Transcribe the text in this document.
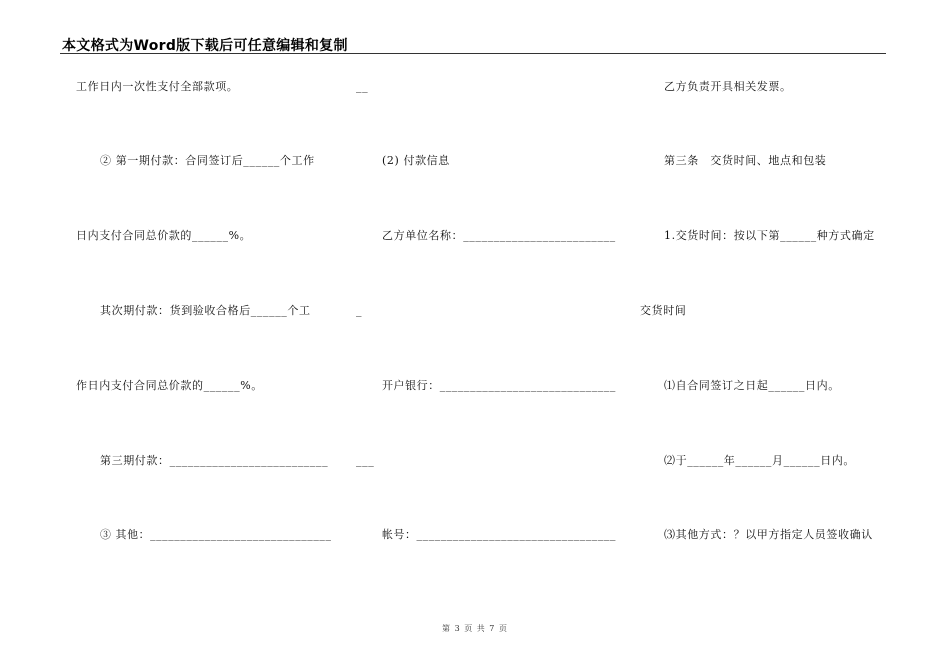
本文格式为Word版下载后可任意编辑和复制
工作日内一次性支付全部款项。
② 第一期付款：合同签订后______个工作
日内支付合同总价款的______%。
其次期付款：货到验收合格后______个工
作日内支付合同总价款的______%。
第三期付款：__________________________
③ 其他：______________________________
__
(2) 付款信息
乙方单位名称：_________________________
_
开户银行：_____________________________
___
帐号：_________________________________
乙方负责开具相关发票。
第三条　交货时间、地点和包装
1.交货时间：按以下第______种方式确定
交货时间
⑴自合同签订之日起______日内。
⑵于______年______月______日内。
⑶其他方式：？以甲方指定人员签收确认
第 3 页 共 7 页
